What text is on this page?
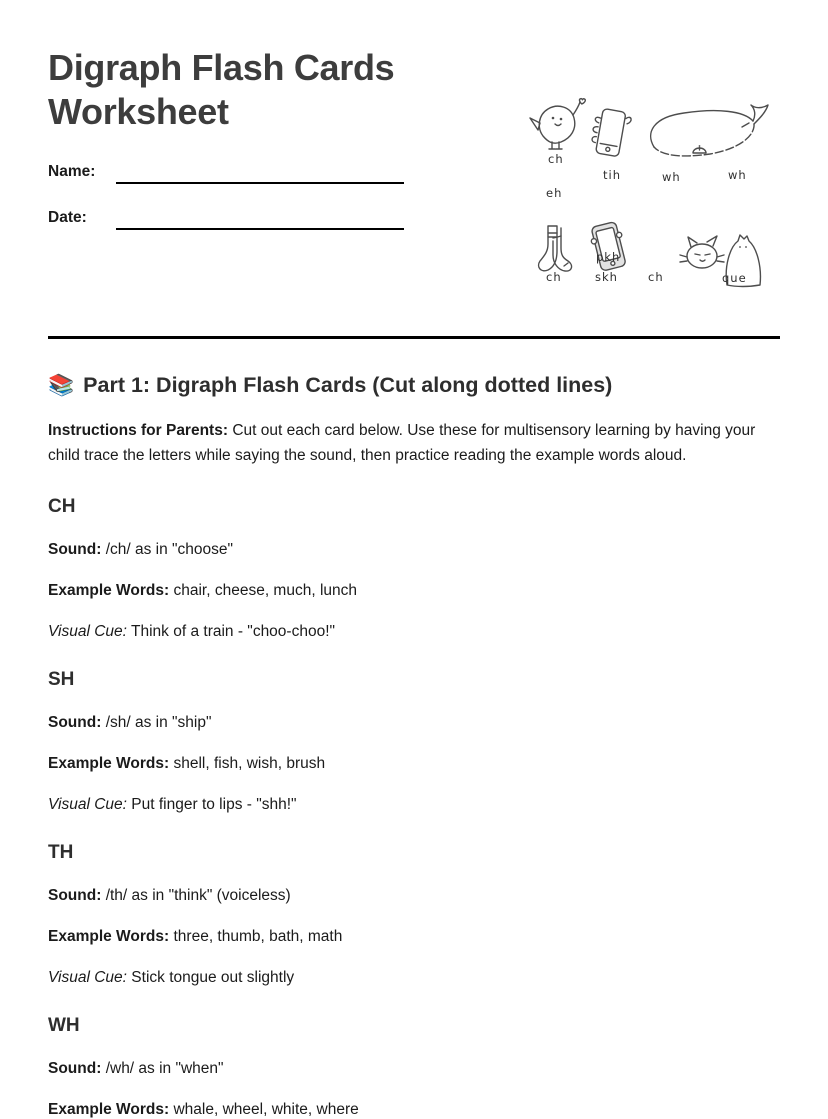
Digraph Flash Cards Worksheet
Name:
Date:
ch
tih	wh	wh
eh
ch
pkh
skh	ch	que
📚 Part 1: Digraph Flash Cards (Cut along dotted lines)

Instructions for Parents: Cut out each card below. Use these for multisensory learning by having your child trace the letters while saying the sound, then practice reading the example words aloud.

CH

Sound: /ch/ as in "choose"

Example Words: chair, cheese, much, lunch

Visual Cue: Think of a train - "choo-choo!"

SH

Sound: /sh/ as in "ship"

Example Words: shell, fish, wish, brush

Visual Cue: Put finger to lips - "shh!"

TH

Sound: /th/ as in "think" (voiceless)

Example Words: three, thumb, bath, math

Visual Cue: Stick tongue out slightly

WH

Sound: /wh/ as in "when"

Example Words: whale, wheel, white, where
